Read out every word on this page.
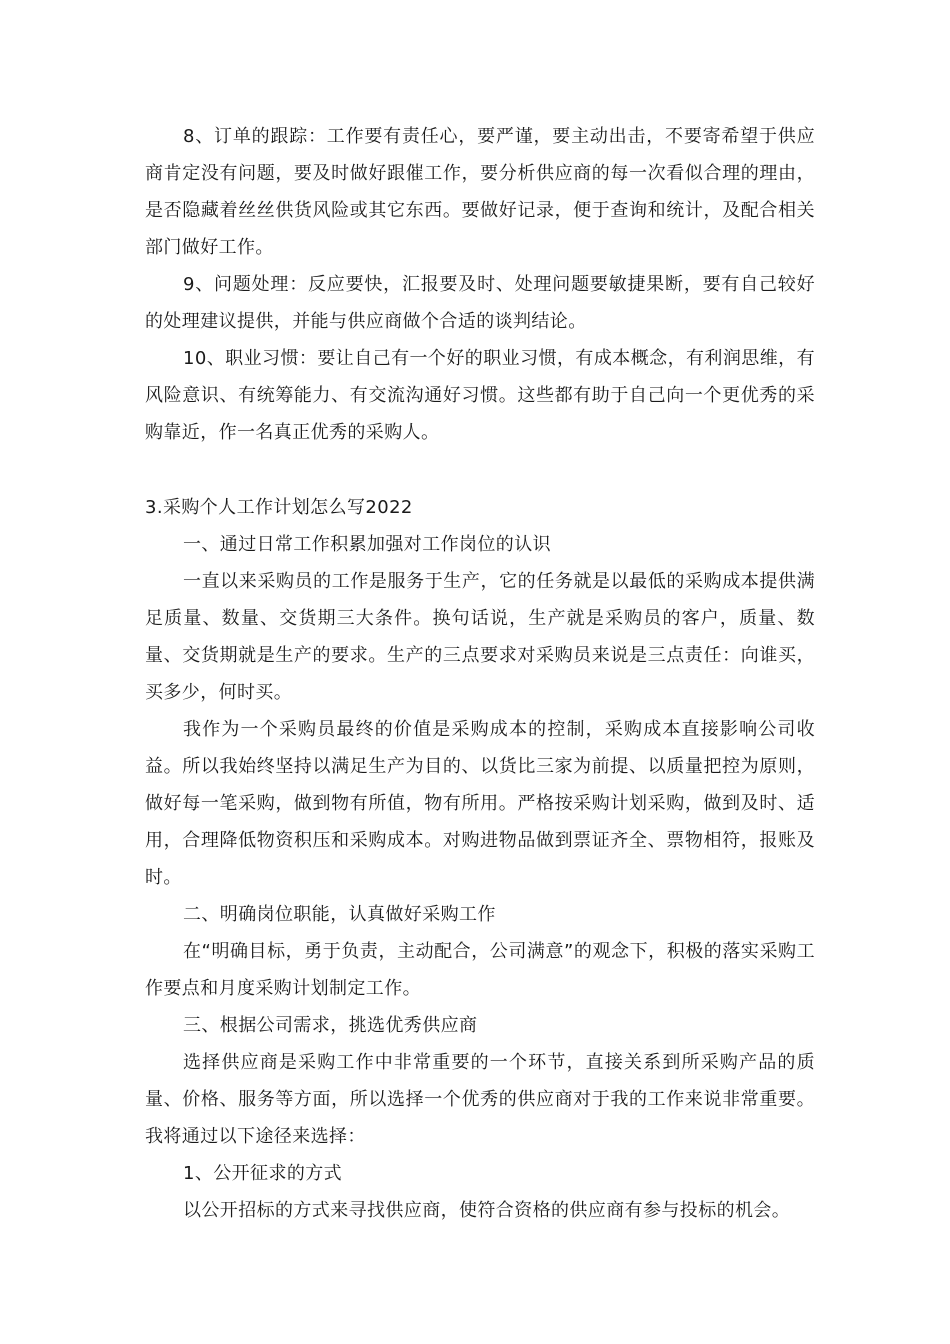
8、订单的跟踪：工作要有责任心，要严谨，要主动出击，不要寄希望于供应商肯定没有问题，要及时做好跟催工作，要分析供应商的每一次看似合理的理由，是否隐藏着丝丝供货风险或其它东西。要做好记录，便于查询和统计，及配合相关部门做好工作。

9、问题处理：反应要快，汇报要及时、处理问题要敏捷果断，要有自己较好的处理建议提供，并能与供应商做个合适的谈判结论。

10、职业习惯：要让自己有一个好的职业习惯，有成本概念，有利润思维，有风险意识、有统筹能力、有交流沟通好习惯。这些都有助于自己向一个更优秀的采购靠近，作一名真正优秀的采购人。

3.采购个人工作计划怎么写2022

一、通过日常工作积累加强对工作岗位的认识

一直以来采购员的工作是服务于生产，它的任务就是以最低的采购成本提供满足质量、数量、交货期三大条件。换句话说，生产就是采购员的客户，质量、数量、交货期就是生产的要求。生产的三点要求对采购员来说是三点责任：向谁买，买多少，何时买。

我作为一个采购员最终的价值是采购成本的控制，采购成本直接影响公司收益。所以我始终坚持以满足生产为目的、以货比三家为前提、以质量把控为原则，做好每一笔采购，做到物有所值，物有所用。严格按采购计划采购，做到及时、适用，合理降低物资积压和采购成本。对购进物品做到票证齐全、票物相符，报账及时。

二、明确岗位职能，认真做好采购工作

在“明确目标，勇于负责，主动配合，公司满意”的观念下，积极的落实采购工作要点和月度采购计划制定工作。

三、根据公司需求，挑选优秀供应商

选择供应商是采购工作中非常重要的一个环节，直接关系到所采购产品的质量、价格、服务等方面，所以选择一个优秀的供应商对于我的工作来说非常重要。我将通过以下途径来选择：

1、公开征求的方式

以公开招标的方式来寻找供应商，使符合资格的供应商有参与投标的机会。
